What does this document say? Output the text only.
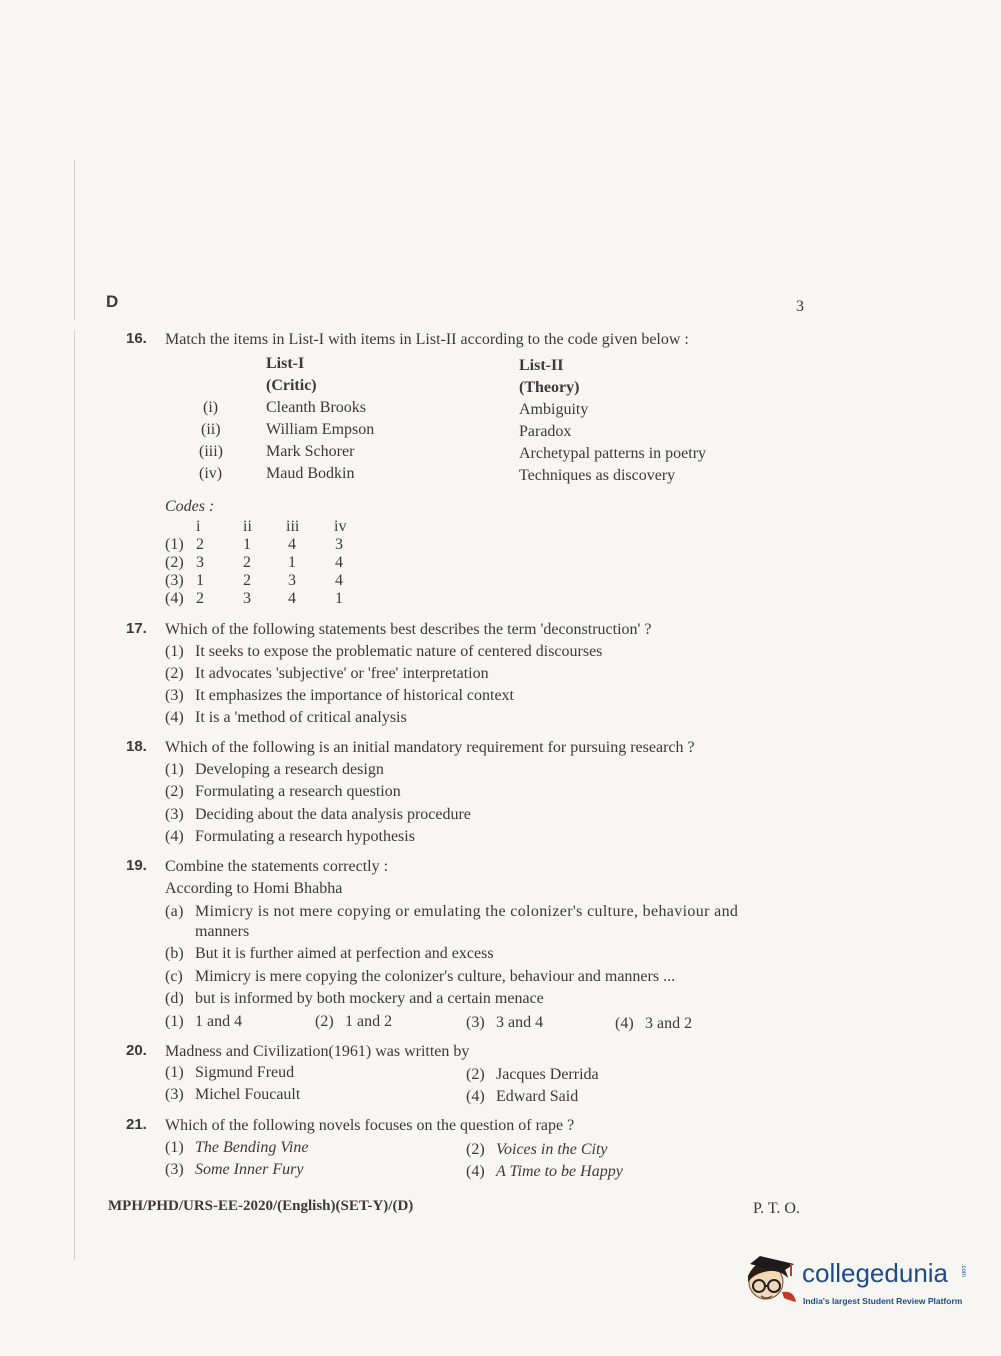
D	3
16. Match the items in List-I with items in List-II according to the code given below :
List-I
(Critic)
List-II
(Theory)
(i)	Cleanth Brooks	Ambiguity
(ii)	William Empson	Paradox
(iii)	Mark Schorer	Archetypal patterns in poetry
(iv)	Maud Bodkin	Techniques as discovery
Codes :
i	ii iii iv
(1) 2 1 4 3
(2) 3 2 1 4
(3) 1 2 3 4
(4) 2 3 4 1
17. Which of the following statements best describes the term 'deconstruction' ?
(1) It seeks to expose the problematic nature of centered discourses
(2) It advocates 'subjective' or 'free' interpretation
(3) It emphasizes the importance of historical context
(4) It is a 'method of critical analysis
18. Which of the following is an initial mandatory requirement for pursuing research ?
(1) Developing a research design
(2) Formulating a research question
(3) Deciding about the data analysis procedure
(4) Formulating a research hypothesis
19. Combine the statements correctly :
According to Homi Bhabha
(a) Mimicry is not mere copying or emulating the colonizer's culture, behaviour and
manners
(b) But it is further aimed at perfection and excess
(c) Mimicry is mere copying the colonizer's culture, behaviour and manners ...
(d) but is informed by both mockery and a certain menace
(1) 1 and 4	(2) 1 and 2	(3) 3 and 4	(4) 3 and 2
20. Madness and Civilization(1961) was written by
(1) Sigmund Freud	(2) Jacques Derrida
(3) Michel Foucault	(4) Edward Said
21. Which of the following novels focuses on the question of rape ?
(1) The Bending Vine	(2) Voices in the City
(3) Some Inner Fury	(4) A Time to be Happy
MPH/PHD/URS-EE-2020/(English)(SET-Y)/(D)	P. T. O.
collegedunia .com
India's largest Student Review Platform
